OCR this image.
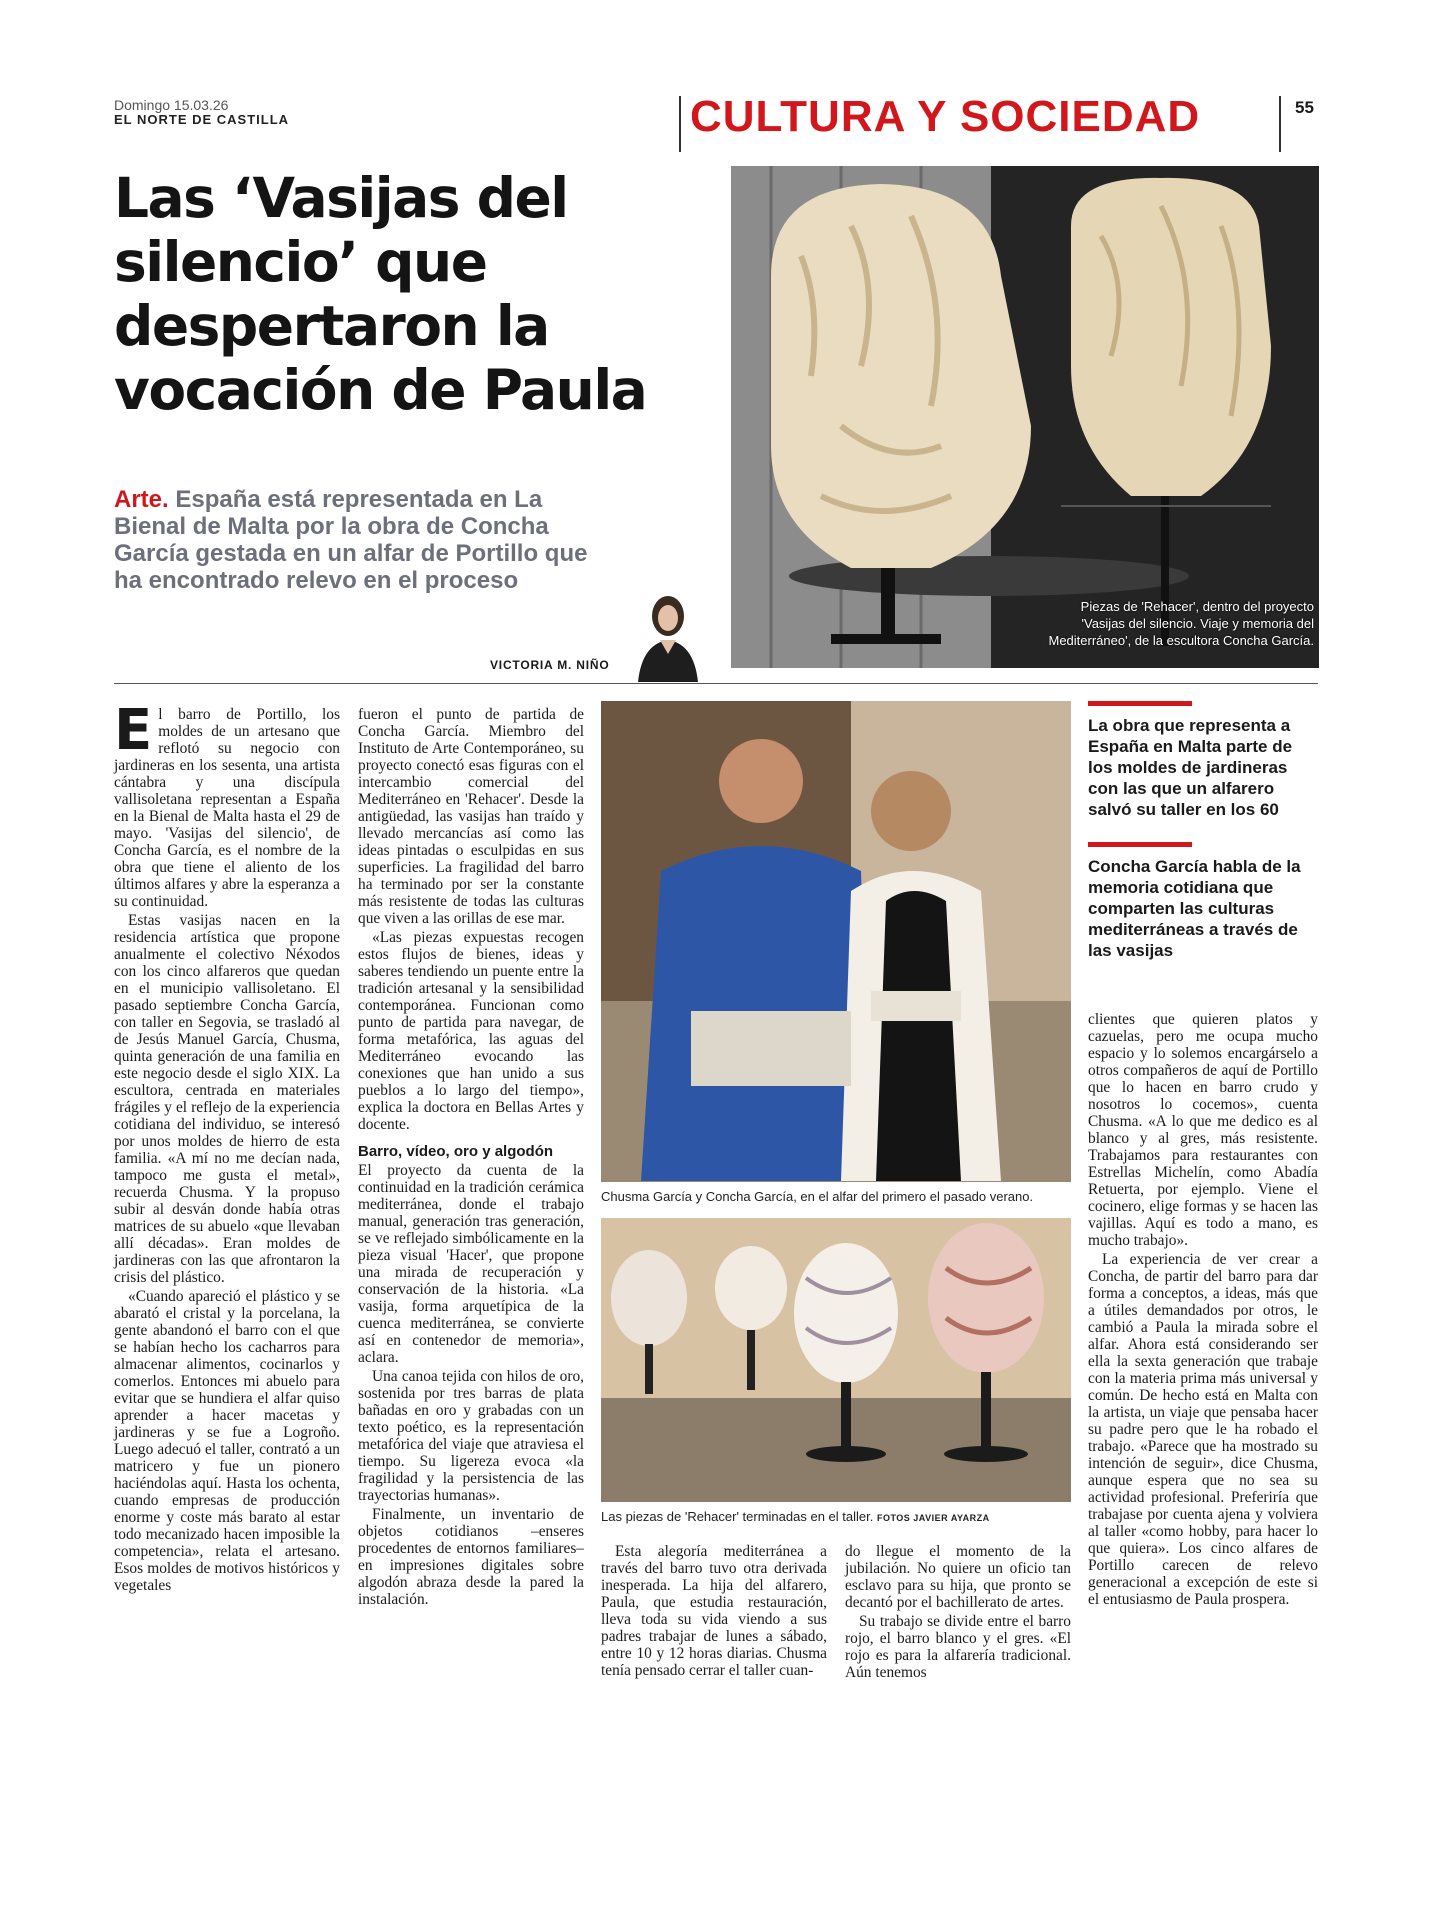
Domingo 15.03.26
EL NORTE DE CASTILLA	CULTURA Y SOCIEDAD	55
Las ‘Vasijas del silencio’ que despertaron la vocación de Paula
Arte. España está representada en La Bienal de Malta por la obra de Concha García gestada en un alfar de Portillo que ha encontrado relevo en el proceso
VICTORIA M. NIÑO
Piezas de 'Rehacer', dentro del proyecto 'Vasijas del silencio. Viaje y memoria del Mediterráneo', de la escultora Concha García.
Chusma García y Concha García, en el alfar del primero el pasado verano.
Las piezas de 'Rehacer' terminadas en el taller. FOTOS JAVIER AYARZA
La obra que representa a España en Malta parte de los moldes de jardineras con las que un alfarero salvó su taller en los 60
Concha García habla de la memoria cotidiana que comparten las culturas mediterráneas a través de las vasijas

El barro de Portillo, los moldes de un artesano que reflotó su negocio con jardineras en los sesenta, una artista cántabra y una discípula vallisoletana representan a España en la Bienal de Malta hasta el 29 de mayo. 'Vasijas del silencio', de Concha García, es el nombre de la obra que tiene el aliento de los últimos alfares y abre la esperanza a su continuidad.

Estas vasijas nacen en la residencia artística que propone anualmente el colectivo Néxodos con los cinco alfareros que quedan en el municipio vallisoletano. El pasado septiembre Concha García, con taller en Segovia, se trasladó al de Jesús Manuel García, Chusma, quinta generación de una familia en este negocio desde el siglo XIX. La escultora, centrada en materiales frágiles y el reflejo de la experiencia cotidiana del individuo, se interesó por unos moldes de hierro de esta familia. «A mí no me decían nada, tampoco me gusta el metal», recuerda Chusma. Y la propuso subir al desván donde había otras matrices de su abuelo «que llevaban allí décadas». Eran moldes de jardineras con las que afrontaron la crisis del plástico.

«Cuando apareció el plástico y se abarató el cristal y la porcelana, la gente abandonó el barro con el que se habían hecho los cacharros para almacenar alimentos, cocinarlos y comerlos. Entonces mi abuelo para evitar que se hundiera el alfar quiso aprender a hacer macetas y jardineras y se fue a Logroño. Luego adecuó el taller, contrató a un matricero y fue un pionero haciéndolas aquí. Hasta los ochenta, cuando empresas de producción enorme y coste más barato al estar todo mecanizado hacen imposible la competencia», relata el artesano. Esos moldes de motivos históricos y vegetales

fueron el punto de partida de Concha García. Miembro del Instituto de Arte Contemporáneo, su proyecto conectó esas figuras con el intercambio comercial del Mediterráneo en 'Rehacer'. Desde la antigüedad, las vasijas han traído y llevado mercancías así como las ideas pintadas o esculpidas en sus superficies. La fragilidad del barro ha terminado por ser la constante más resistente de todas las culturas que viven a las orillas de ese mar.

«Las piezas expuestas recogen estos flujos de bienes, ideas y saberes tendiendo un puente entre la tradición artesanal y la sensibilidad contemporánea. Funcionan como punto de partida para navegar, de forma metafórica, las aguas del Mediterráneo evocando las conexiones que han unido a sus pueblos a lo largo del tiempo», explica la doctora en Bellas Artes y docente.

Barro, vídeo, oro y algodón

El proyecto da cuenta de la continuidad en la tradición cerámica mediterránea, donde el trabajo manual, generación tras generación, se ve reflejado simbólicamente en la pieza visual 'Hacer', que propone una mirada de recuperación y conservación de la historia. «La vasija, forma arquetípica de la cuenca mediterránea, se convierte así en contenedor de memoria», aclara.

Una canoa tejida con hilos de oro, sostenida por tres barras de plata bañadas en oro y grabadas con un texto poético, es la representación metafórica del viaje que atraviesa el tiempo. Su ligereza evoca «la fragilidad y la persistencia de las trayectorias humanas».

Finalmente, un inventario de objetos cotidianos –enseres procedentes de entornos familiares– en impresiones digitales sobre algodón abraza desde la pared la instalación.

Esta alegoría mediterránea a través del barro tuvo otra derivada inesperada. La hija del alfarero, Paula, que estudia restauración, lleva toda su vida viendo a sus padres trabajar de lunes a sábado, entre 10 y 12 horas diarias. Chusma tenía pensado cerrar el taller cuan-

do llegue el momento de la jubilación. No quiere un oficio tan esclavo para su hija, que pronto se decantó por el bachillerato de artes.

Su trabajo se divide entre el barro rojo, el barro blanco y el gres. «El rojo es para la alfarería tradicional. Aún tenemos

clientes que quieren platos y cazuelas, pero me ocupa mucho espacio y lo solemos encargárselo a otros compañeros de aquí de Portillo que lo hacen en barro crudo y nosotros lo cocemos», cuenta Chusma. «A lo que me dedico es al blanco y al gres, más resistente. Trabajamos para restaurantes con Estrellas Michelín, como Abadía Retuerta, por ejemplo. Viene el cocinero, elige formas y se hacen las vajillas. Aquí es todo a mano, es mucho trabajo».

La experiencia de ver crear a Concha, de partir del barro para dar forma a conceptos, a ideas, más que a útiles demandados por otros, le cambió a Paula la mirada sobre el alfar. Ahora está considerando ser ella la sexta generación que trabaje con la materia prima más universal y común. De hecho está en Malta con la artista, un viaje que pensaba hacer su padre pero que le ha robado el trabajo. «Parece que ha mostrado su intención de seguir», dice Chusma, aunque espera que no sea su actividad profesional. Preferiría que trabajase por cuenta ajena y volviera al taller «como hobby, para hacer lo que quiera». Los cinco alfares de Portillo carecen de relevo generacional a excepción de este si el entusiasmo de Paula prospera.
